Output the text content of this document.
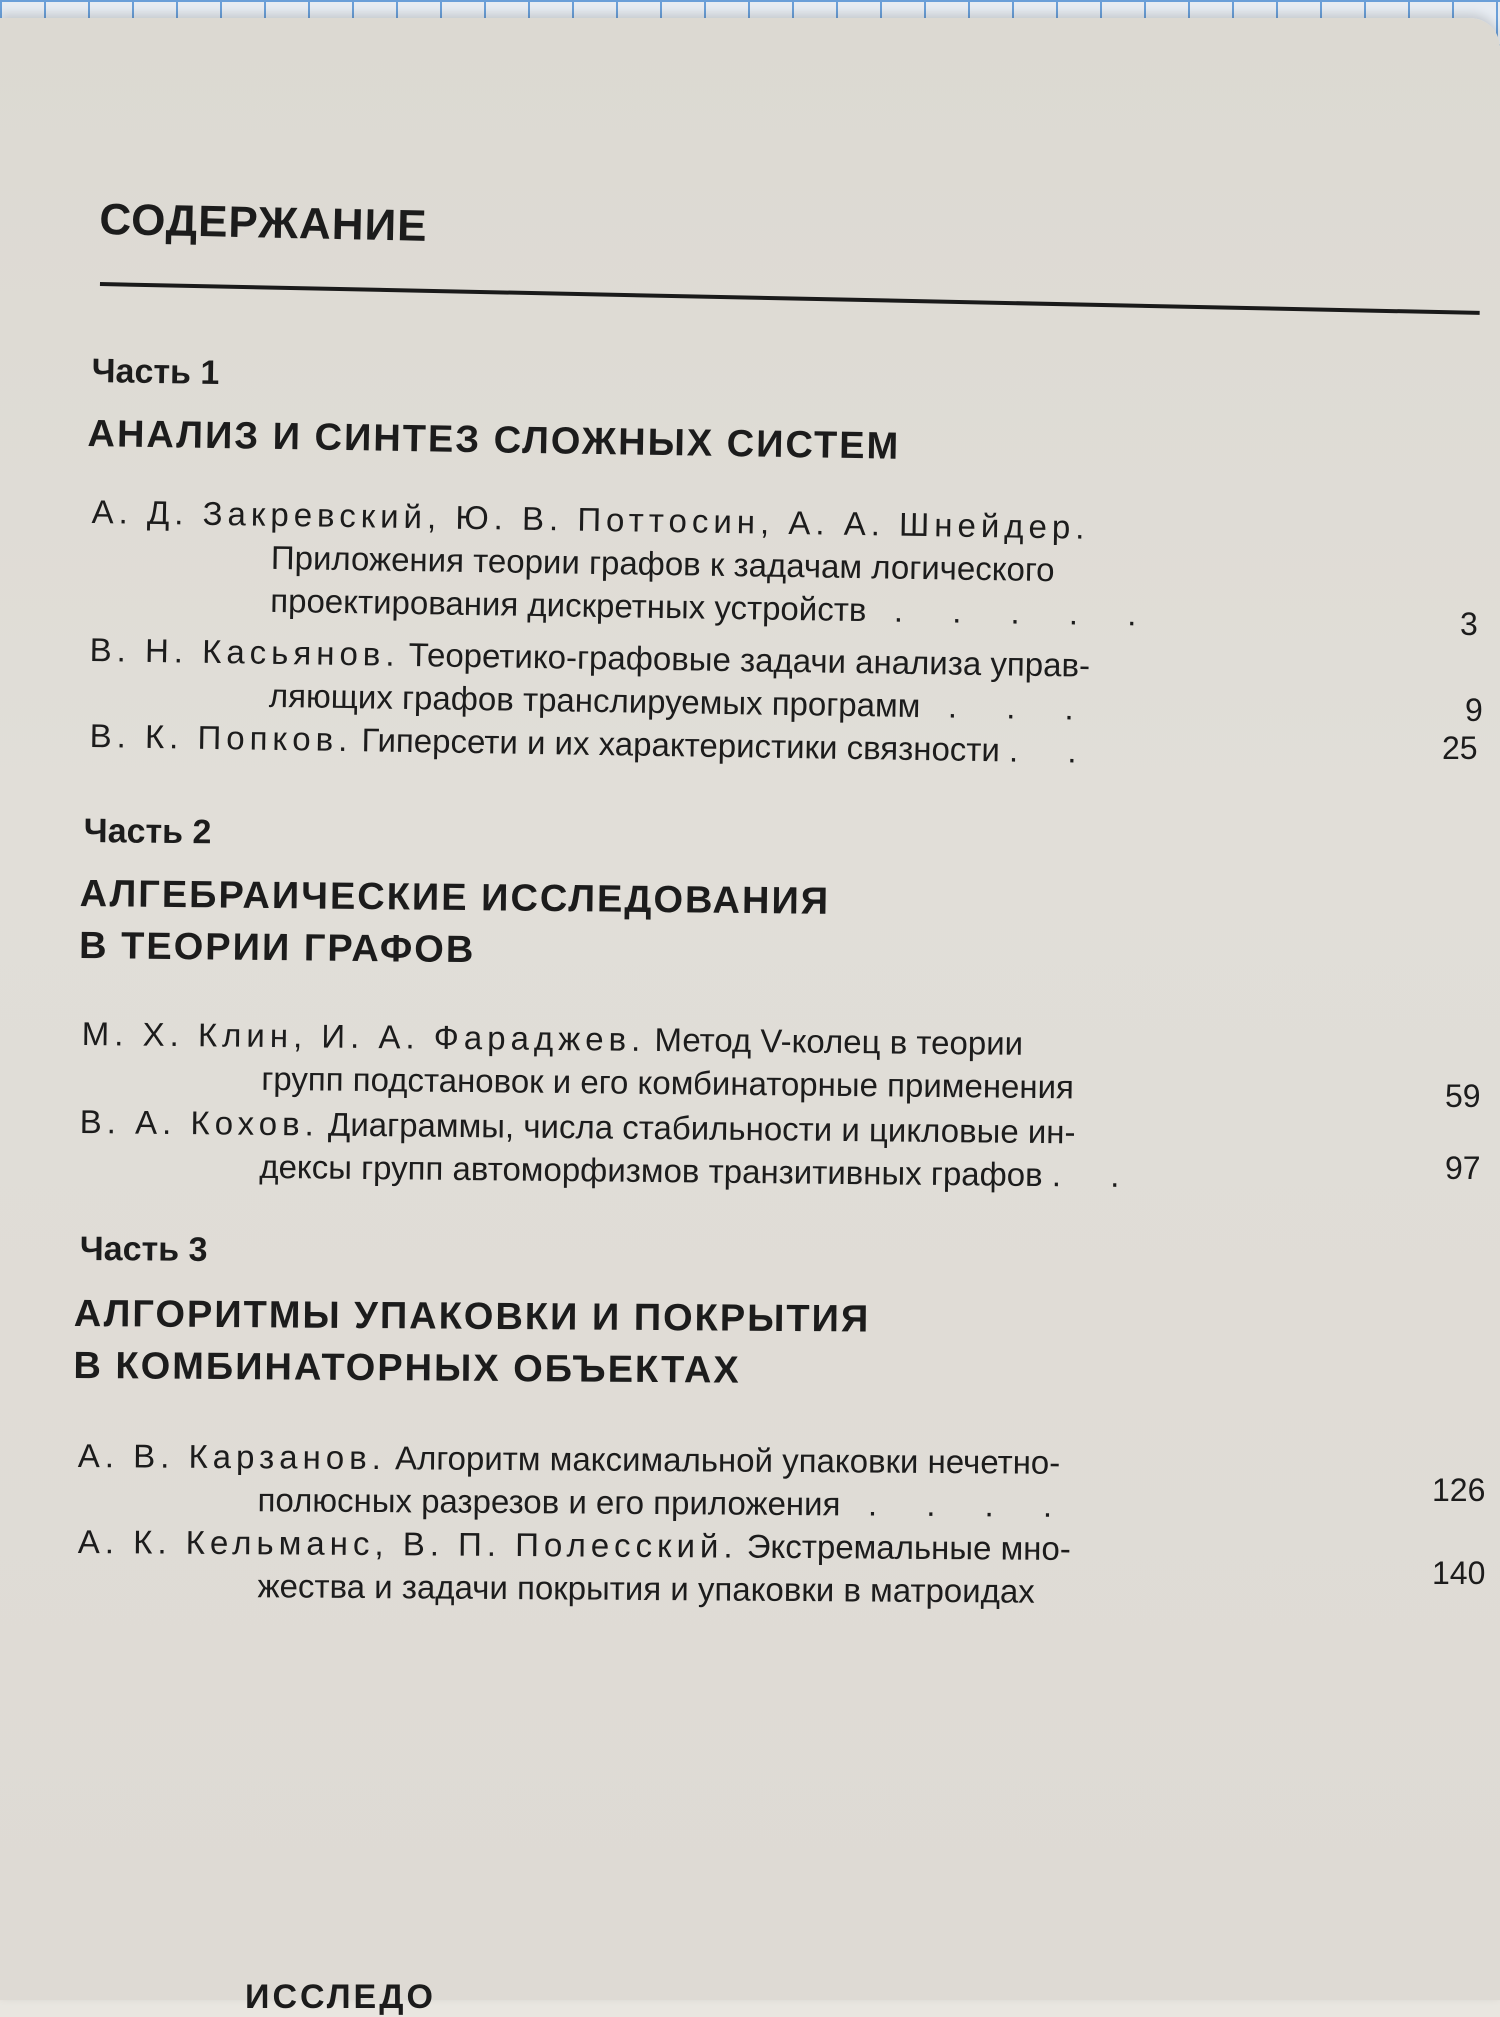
СОДЕРЖАНИЕ
Часть 1
АНАЛИЗ И СИНТЕЗ СЛОЖНЫХ СИСТЕМ
А. Д. Закревский, Ю. В. Поттосин, А. А. Шнейдер.
Приложения теории графов к задачам логического
проектирования дискретных устройств . . . . .	3
В. Н. Касьянов. Теоретико-графовые задачи анализа управ-
ляющих графов транслируемых программ . . .	9
В. К. Попков. Гиперсети и их характеристики связности . .	25
Часть 2
АЛГЕБРАИЧЕСКИЕ ИССЛЕДОВАНИЯ
В ТЕОРИИ ГРАФОВ
М. Х. Клин, И. А. Фараджев. Метод V-колец в теории
групп подстановок и его комбинаторные применения	59
В. А. Кохов. Диаграммы, числа стабильности и цикловые ин-
дексы групп автоморфизмов транзитивных графов . .	97
Часть 3
АЛГОРИТМЫ УПАКОВКИ И ПОКРЫТИЯ
В КОМБИНАТОРНЫХ ОБЪЕКТАХ
А. В. Карзанов. Алгоритм максимальной упаковки нечетно-
полюсных разрезов и его приложения . . . .	126
А. К. Кельманс, В. П. Полесский. Экстремальные мно-
жества и задачи покрытия и упаковки в матроидах	140
ИССЛЕДО
